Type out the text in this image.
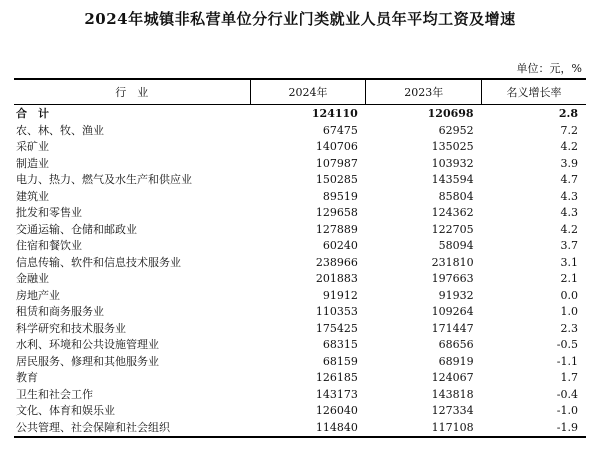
2024年城镇非私营单位分行业门类就业人员年平均工资及增速
单位：元，%
行　业	2024年	2023年	名义增长率
合　计	124110	120698	2.8
农、林、牧、渔业	67475	62952	7.2
采矿业	140706	135025	4.2
制造业	107987	103932	3.9
电力、热力、燃气及水生产和供应业	150285	143594	4.7
建筑业	89519	85804	4.3
批发和零售业	129658	124362	4.3
交通运输、仓储和邮政业	127889	122705	4.2
住宿和餐饮业	60240	58094	3.7
信息传输、软件和信息技术服务业	238966	231810	3.1
金融业	201883	197663	2.1
房地产业	91912	91932	0.0
租赁和商务服务业	110353	109264	1.0
科学研究和技术服务业	175425	171447	2.3
水利、环境和公共设施管理业	68315	68656	-0.5
居民服务、修理和其他服务业	68159	68919	-1.1
教育	126185	124067	1.7
卫生和社会工作	143173	143818	-0.4
文化、体育和娱乐业	126040	127334	-1.0
公共管理、社会保障和社会组织	114840	117108	-1.9
